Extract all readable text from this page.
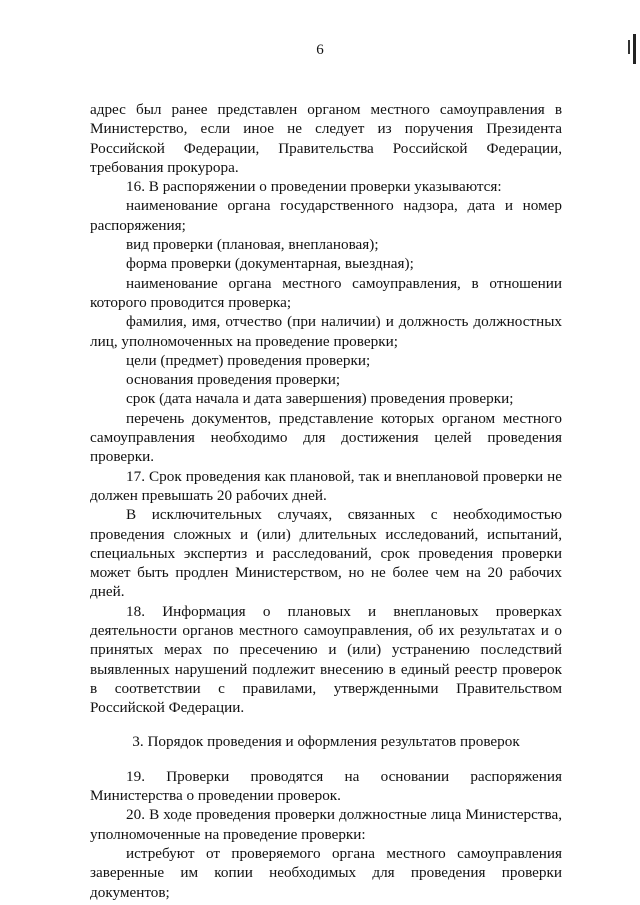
6

адрес был ранее представлен органом местного самоуправления в Министерство, если иное не следует из поручения Президента Российской Федерации, Правительства Российской Федерации, требования прокурора.

16. В распоряжении о проведении проверки указываются:

наименование органа государственного надзора, дата и номер распоряжения;

вид проверки (плановая, внеплановая);

форма проверки (документарная, выездная);

наименование органа местного самоуправления, в отношении которого проводится проверка;

фамилия, имя, отчество (при наличии) и должность должностных лиц, уполномоченных на проведение проверки;

цели (предмет) проведения проверки;

основания проведения проверки;

срок (дата начала и дата завершения) проведения проверки;

перечень документов, представление которых органом местного самоуправления необходимо для достижения целей проведения проверки.

17. Срок проведения как плановой, так и внеплановой проверки не должен превышать 20 рабочих дней.

В исключительных случаях, связанных с необходимостью проведения сложных и (или) длительных исследований, испытаний, специальных экспертиз и расследований, срок проведения проверки может быть продлен Министерством, но не более чем на 20 рабочих дней.

18. Информация о плановых и внеплановых проверках деятельности органов местного самоуправления, об их результатах и о принятых мерах по пресечению и (или) устранению последствий выявленных нарушений подлежит внесению в единый реестр проверок в соответствии с правилами, утвержденными Правительством Российской Федерации.

3. Порядок проведения и оформления результатов проверок

19. Проверки проводятся на основании распоряжения Министерства о проведении проверок.

20. В ходе проведения проверки должностные лица Министерства, уполномоченные на проведение проверки:

истребуют от проверяемого органа местного самоуправления заверенные им копии необходимых для проведения проверки документов;
